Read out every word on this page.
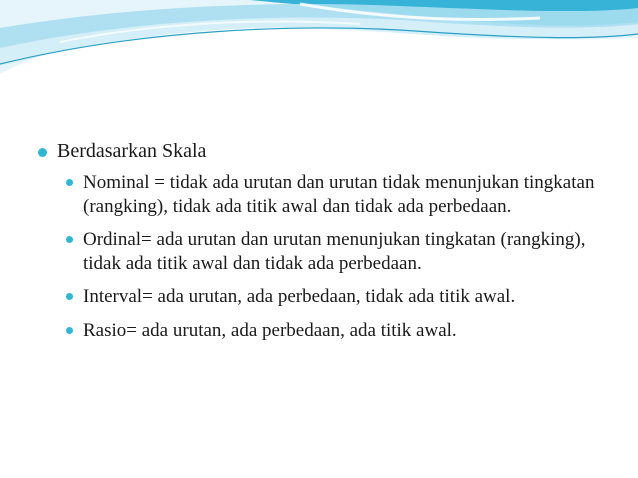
Berdasarkan Skala
Nominal = tidak ada urutan dan urutan tidak menunjukan tingkatan (rangking), tidak ada titik awal dan tidak ada perbedaan.
Ordinal= ada urutan dan urutan menunjukan tingkatan (rangking), tidak ada titik awal dan tidak ada perbedaan.
Interval= ada urutan, ada perbedaan, tidak ada titik awal.
Rasio= ada urutan, ada perbedaan, ada titik awal.
